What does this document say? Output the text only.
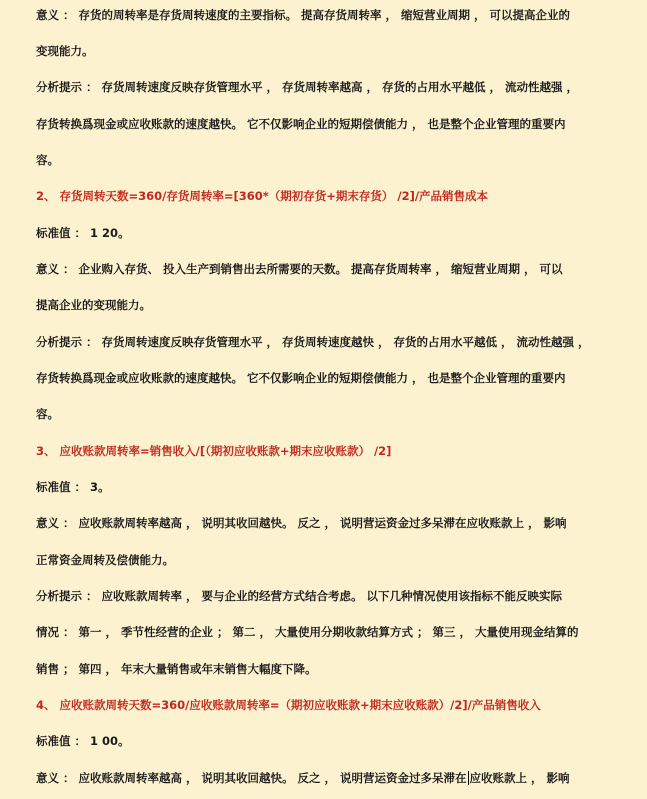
意义 ： 存货的周转率是存货周转速度的主要指标。 提高存货周转率 ， 缩短营业周期 ， 可以提高企业的
变现能力。
分析提示 ： 存货周转速度反映存货管理水平 ， 存货周转率越高 ， 存货的占用水平越低 ， 流动性越强 ，
存货转换爲现金或应收账款的速度越快。 它不仅影响企业的短期偿债能力 ， 也是整个企业管理的重要内
容。
2、 存货周转天数=360/存货周转率=[360*（期初存货+期末存货） /2]/产品销售成本
标准值 ： 1 20。
意义 ： 企业购入存货、 投入生产到销售出去所需要的天数。 提高存货周转率 ， 缩短营业周期 ， 可以
提高企业的变现能力。
分析提示 ： 存货周转速度反映存货管理水平 ， 存货周转速度越快 ， 存货的占用水平越低 ， 流动性越强 ，
存货转换爲现金或应收账款的速度越快。 它不仅影响企业的短期偿债能力 ， 也是整个企业管理的重要内
容。
3、 应收账款周转率=销售收入/[（期初应收账款+期末应收账款） /2]
标准值 ： 3。
意义 ： 应收账款周转率越高 ， 说明其收回越快。 反之 ， 说明营运资金过多呆滞在应收账款上 ， 影响
正常资金周转及偿债能力。
分析提示 ： 应收账款周转率 ， 要与企业的经营方式结合考虑。 以下几种情况使用该指标不能反映实际
情况 ： 第一 ， 季节性经营的企业 ； 第二 ， 大量使用分期收款结算方式 ； 第三 ， 大量使用现金结算的
销售 ； 第四 ， 年末大量销售或年末销售大幅度下降。
4、 应收账款周转天数=360/应收账款周转率=（期初应收账款+期末应收账款）/2]/产品销售收入
标准值 ： 1 00。
意义 ： 应收账款周转率越高 ， 说明其收回越快。 反之 ， 说明营运资金过多呆滞在 应收账款上 ， 影响
